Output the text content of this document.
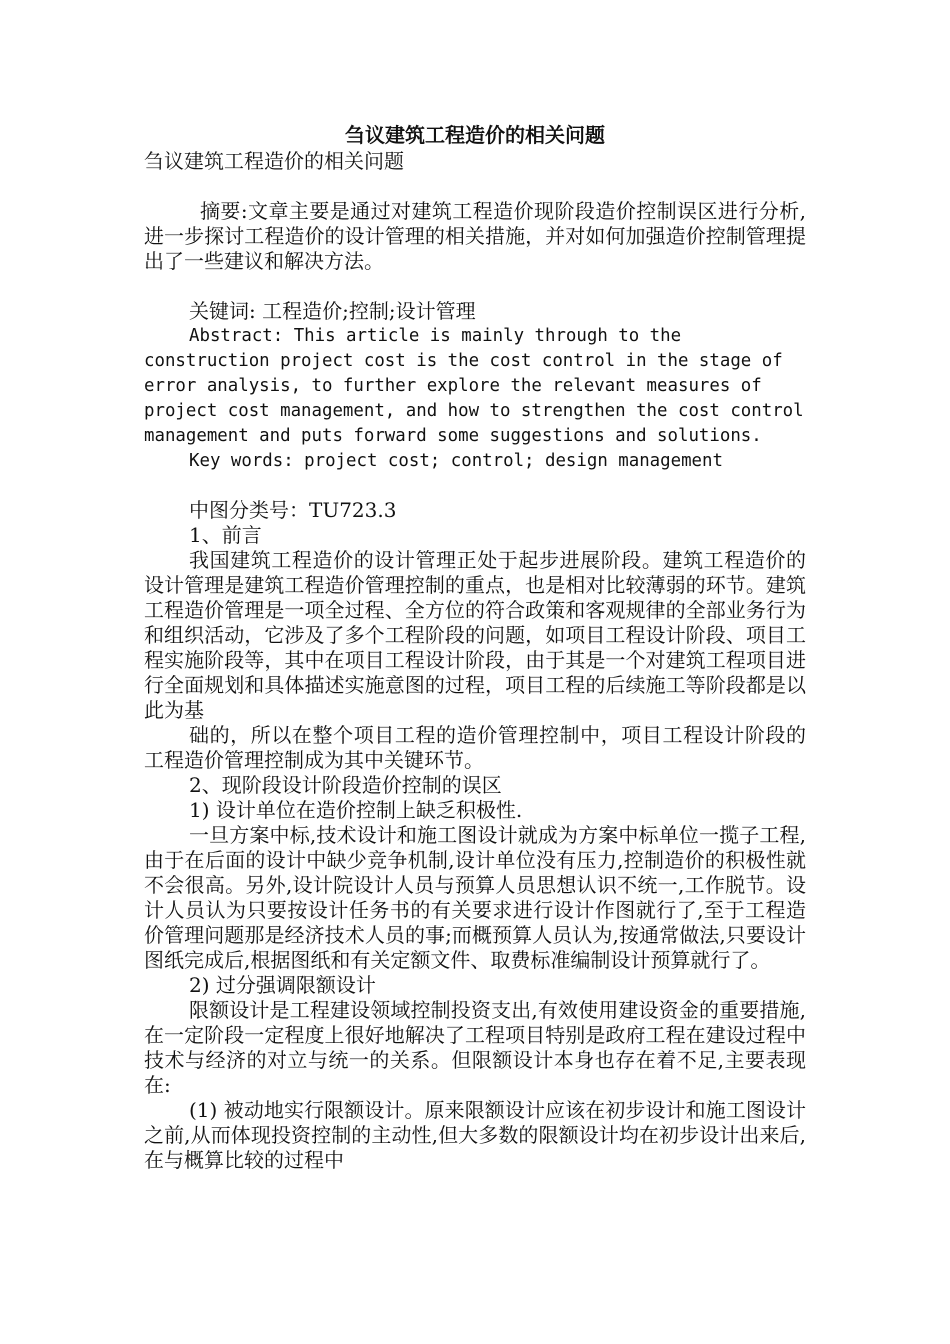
刍议建筑工程造价的相关问题

刍议建筑工程造价的相关问题

摘要:文章主要是通过对建筑工程造价现阶段造价控制误区进行分析,进一步探讨工程造价的设计管理的相关措施，并对如何加强造价控制管理提出了一些建议和解决方法。

关键词: 工程造价;控制;设计管理

Abstract: This article is mainly through to the construction project cost is the cost control in the stage of error analysis, to further explore the relevant measures of project cost management, and how to strengthen the cost control management and puts forward some suggestions and solutions.

Key words: project cost; control; design management

中图分类号：TU723.3

1、前言

我国建筑工程造价的设计管理正处于起步进展阶段。建筑工程造价的设计管理是建筑工程造价管理控制的重点，也是相对比较薄弱的环节。建筑工程造价管理是一项全过程、全方位的符合政策和客观规律的全部业务行为和组织活动，它涉及了多个工程阶段的问题，如项目工程设计阶段、项目工程实施阶段等，其中在项目工程设计阶段，由于其是一个对建筑工程项目进行全面规划和具体描述实施意图的过程，项目工程的后续施工等阶段都是以此为基

础的，所以在整个项目工程的造价管理控制中，项目工程设计阶段的工程造价管理控制成为其中关键环节。

2、现阶段设计阶段造价控制的误区

1) 设计单位在造价控制上缺乏积极性.

一旦方案中标,技术设计和施工图设计就成为方案中标单位一揽子工程,由于在后面的设计中缺少竞争机制,设计单位没有压力,控制造价的积极性就不会很高。另外,设计院设计人员与预算人员思想认识不统一,工作脱节。设计人员认为只要按设计任务书的有关要求进行设计作图就行了,至于工程造价管理问题那是经济技术人员的事;而概预算人员认为,按通常做法,只要设计图纸完成后,根据图纸和有关定额文件、取费标准编制设计预算就行了。

2) 过分强调限额设计

限额设计是工程建设领域控制投资支出,有效使用建设资金的重要措施,在一定阶段一定程度上很好地解决了工程项目特别是政府工程在建设过程中技术与经济的对立与统一的关系。但限额设计本身也存在着不足,主要表现在:

(1) 被动地实行限额设计。原来限额设计应该在初步设计和施工图设计之前,从而体现投资控制的主动性,但大多数的限额设计均在初步设计出来后,在与概算比较的过程中
